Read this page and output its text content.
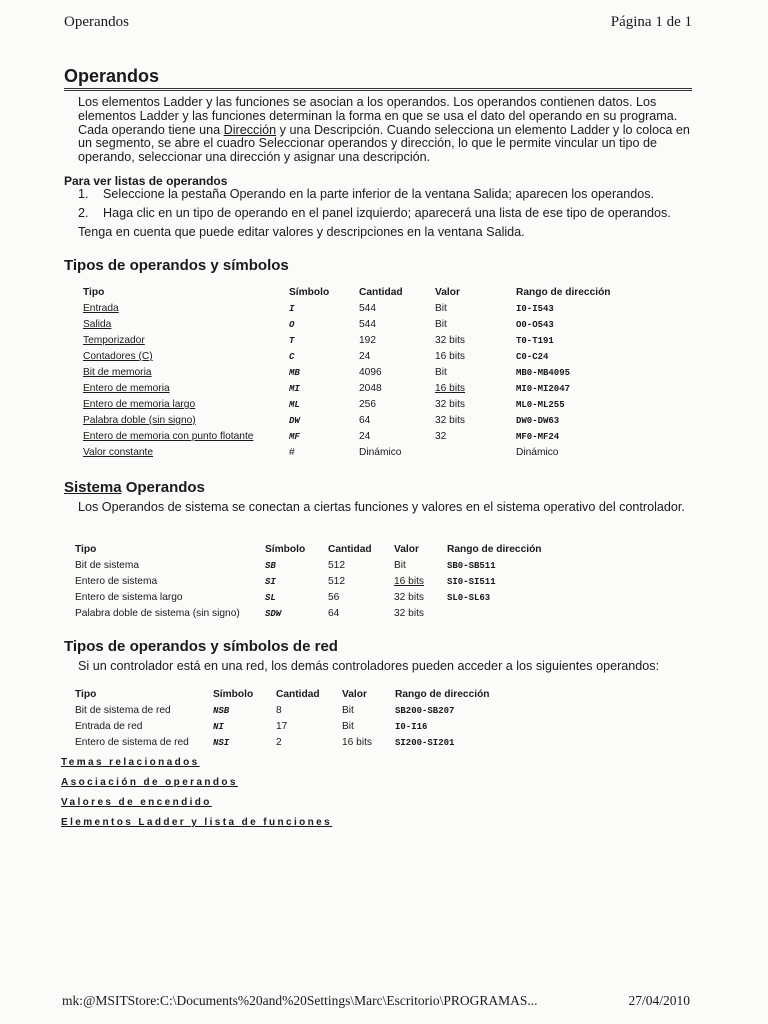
Operandos	Página 1 de 1
Operandos

Los elementos Ladder y las funciones se asocian a los operandos. Los operandos contienen datos. Los elementos Ladder y las funciones determinan la forma en que se usa el dato del operando en su programa. Cada operando tiene una Dirección y una Descripción. Cuando selecciona un elemento Ladder y lo coloca en un segmento, se abre el cuadro Seleccionar operandos y dirección, lo que le permite vincular un tipo de operando, seleccionar una dirección y asignar una descripción.

Para ver listas de operandos
1. Seleccione la pestaña Operando en la parte inferior de la ventana Salida; aparecen los operandos.
2. Haga clic en un tipo de operando en el panel izquierdo; aparecerá una lista de ese tipo de operandos.
Tenga en cuenta que puede editar valores y descripciones en la ventana Salida.
Tipos de operandos y símbolos
Tipo	Símbolo	Cantidad	Valor	Rango de dirección
Entrada	I	544	Bit	I0-I543
Salida	O	544	Bit	O0-O543
Temporizador	T	192	32 bits	T0-T191
Contadores (C)	C	24	16 bits	C0-C24
Bit de memoria	MB	4096	Bit	MB0-MB4095
Entero de memoria	MI	2048	16 bits	MI0-MI2047
Entero de memoria largo	ML	256	32 bits	ML0-ML255
Palabra doble (sin signo)	DW	64	32 bits	DW0-DW63
Entero de memoria con punto flotante	MF	24	32	MF0-MF24
Valor constante	#	Dinámico		Dinámico
Sistema Operandos

Los Operandos de sistema se conectan a ciertas funciones y valores en el sistema operativo del controlador.

Tipo	Símbolo	Cantidad	Valor	Rango de dirección
Bit de sistema	SB	512	Bit	SB0-SB511
Entero de sistema	SI	512	16 bits	SI0-SI511
Entero de sistema largo	SL	56	32 bits	SL0-SL63
Palabra doble de sistema (sin signo)	SDW	64	32 bits	
Tipos de operandos y símbolos de red

Si un controlador está en una red, los demás controladores pueden acceder a los siguientes operandos:

Tipo	Símbolo	Cantidad	Valor	Rango de dirección
Bit de sistema de red	NSB	8	Bit	SB200-SB207
Entrada de red	NI	17	Bit	I0-I16
Entero de sistema de red	NSI	2	16 bits	SI200-SI201
Temas relacionados
Asociación de operandos
Valores de encendido
Elementos Ladder y lista de funciones
mk:@MSITStore:C:\Documents%20and%20Settings\Marc\Escritorio\PROGRAMAS...	27/04/2010
